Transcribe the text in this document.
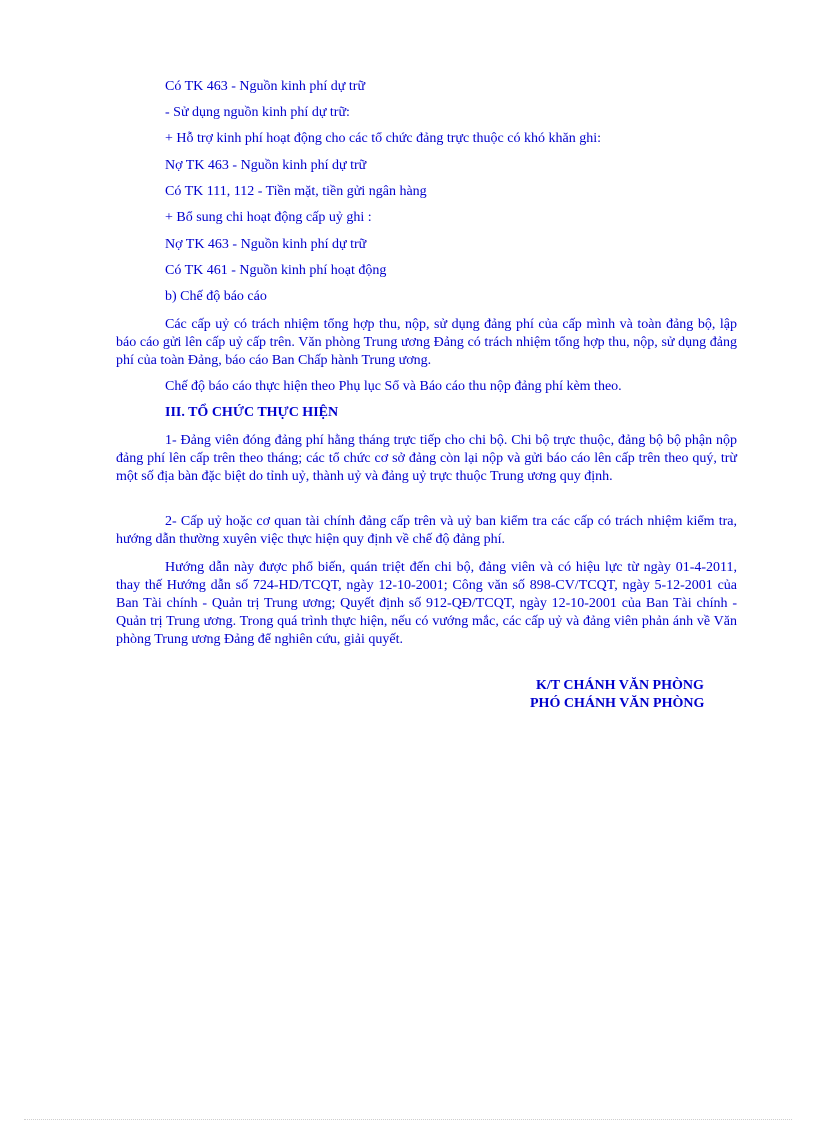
Có TK 463 - Nguồn kinh phí dự trữ
- Sử dụng nguồn kinh phí dự trữ:
+ Hỗ trợ kinh phí hoạt động cho các tổ chức đảng trực thuộc có khó khăn ghi:
Nợ TK 463 - Nguồn kinh phí dự trữ
Có TK 111, 112 - Tiền mặt, tiền gửi ngân hàng
+ Bổ sung chi hoạt động cấp uỷ ghi :
Nợ TK 463 - Nguồn kinh phí dự trữ
Có TK 461 - Nguồn kinh phí hoạt động
b) Chế độ báo cáo
Các cấp uỷ có trách nhiệm tổng hợp thu, nộp, sử dụng đảng phí của cấp mình và toàn đảng bộ, lập báo cáo gửi lên cấp uỷ cấp trên. Văn phòng Trung ương Đảng có trách nhiệm tổng hợp thu, nộp, sử dụng đảng phí của toàn Đảng, báo cáo Ban Chấp hành Trung ương.
Chế độ báo cáo thực hiện theo Phụ lục Sổ và Báo cáo thu nộp đảng phí kèm theo.
III. TỔ CHỨC THỰC HIỆN
1- Đảng viên đóng đảng phí hằng tháng trực tiếp cho chi bộ. Chi bộ trực thuộc, đảng bộ bộ phận nộp đảng phí lên cấp trên theo tháng; các tổ chức cơ sở đảng còn lại nộp và gửi báo cáo lên cấp trên theo quý, trừ một số địa bàn đặc biệt do tỉnh uỷ, thành uỷ và đảng uỷ trực thuộc Trung ương quy định.
2- Cấp uỷ hoặc cơ quan tài chính đảng cấp trên và uỷ ban kiểm tra các cấp có trách nhiệm kiểm tra, hướng dẫn thường xuyên việc thực hiện quy định về chế độ đảng phí.
Hướng dẫn này được phổ biến, quán triệt đến chi bộ, đảng viên và có hiệu lực từ ngày 01-4-2011, thay thế Hướng dẫn số 724-HD/TCQT, ngày 12-10-2001; Công văn số 898-CV/TCQT, ngày 5-12-2001 của Ban Tài chính - Quản trị Trung ương; Quyết định số 912-QĐ/TCQT, ngày 12-10-2001 của Ban Tài chính - Quản trị Trung ương. Trong quá trình thực hiện, nếu có vướng mắc, các cấp uỷ và đảng viên phản ánh về Văn phòng Trung ương Đảng để nghiên cứu, giải quyết.
K/T CHÁNH VĂN PHÒNG
PHÓ CHÁNH VĂN PHÒNG
